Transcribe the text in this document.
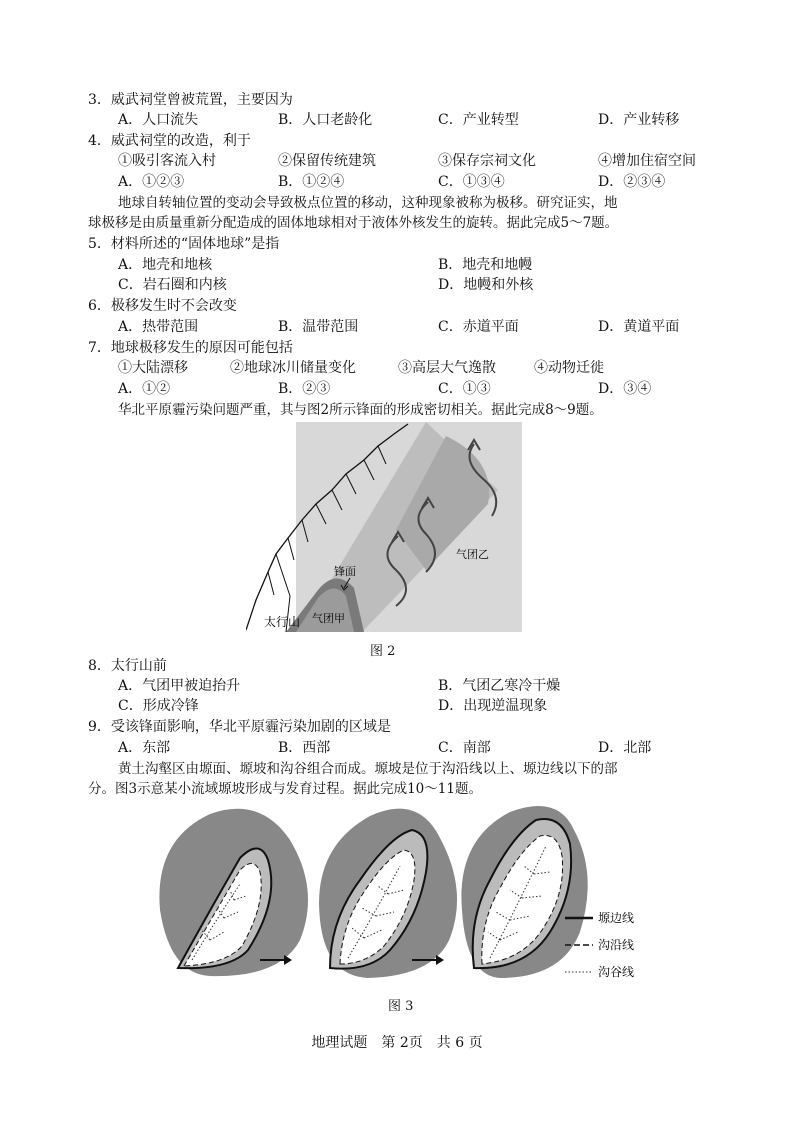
3．威武祠堂曾被荒置，主要因为
A．人口流失	B．人口老龄化	C．产业转型	D．产业转移
4．威武祠堂的改造，利于
①吸引客流入村	②保留传统建筑	③保存宗祠文化	④增加住宿空间
A．①②③	B．①②④	C．①③④	D．②③④
地球自转轴位置的变动会导致极点位置的移动，这种现象被称为极移。研究证实，地
球极移是由质量重新分配造成的固体地球相对于液体外核发生的旋转。据此完成5～7题。
5．材料所述的“固体地球”是指
A．地壳和地核	B．地壳和地幔
C．岩石圈和内核	D．地幔和外核
6．极移发生时不会改变
A．热带范围	B．温带范围	C．赤道平面	D．黄道平面
7．地球极移发生的原因可能包括
①大陆漂移	②地球冰川储量变化	③高层大气逸散	④动物迁徙
A．①②	B．②③	C．①③	D．③④
华北平原霾污染问题严重，其与图2所示锋面的形成密切相关。据此完成8～9题。
锋面
气团乙
气团甲
太行山
图 2
8．太行山前
A．气团甲被迫抬升	B．气团乙寒冷干燥
C．形成冷锋	D．出现逆温现象
9．受该锋面影响，华北平原霾污染加剧的区域是
A．东部	B．西部	C．南部	D．北部
黄土沟壑区由塬面、塬坡和沟谷组合而成。塬坡是位于沟沿线以上、塬边线以下的部
分。图3示意某小流域塬坡形成与发育过程。据此完成10～11题。
塬边线
沟沿线
沟谷线
图 3
地理试题　第 2页　共 6 页
